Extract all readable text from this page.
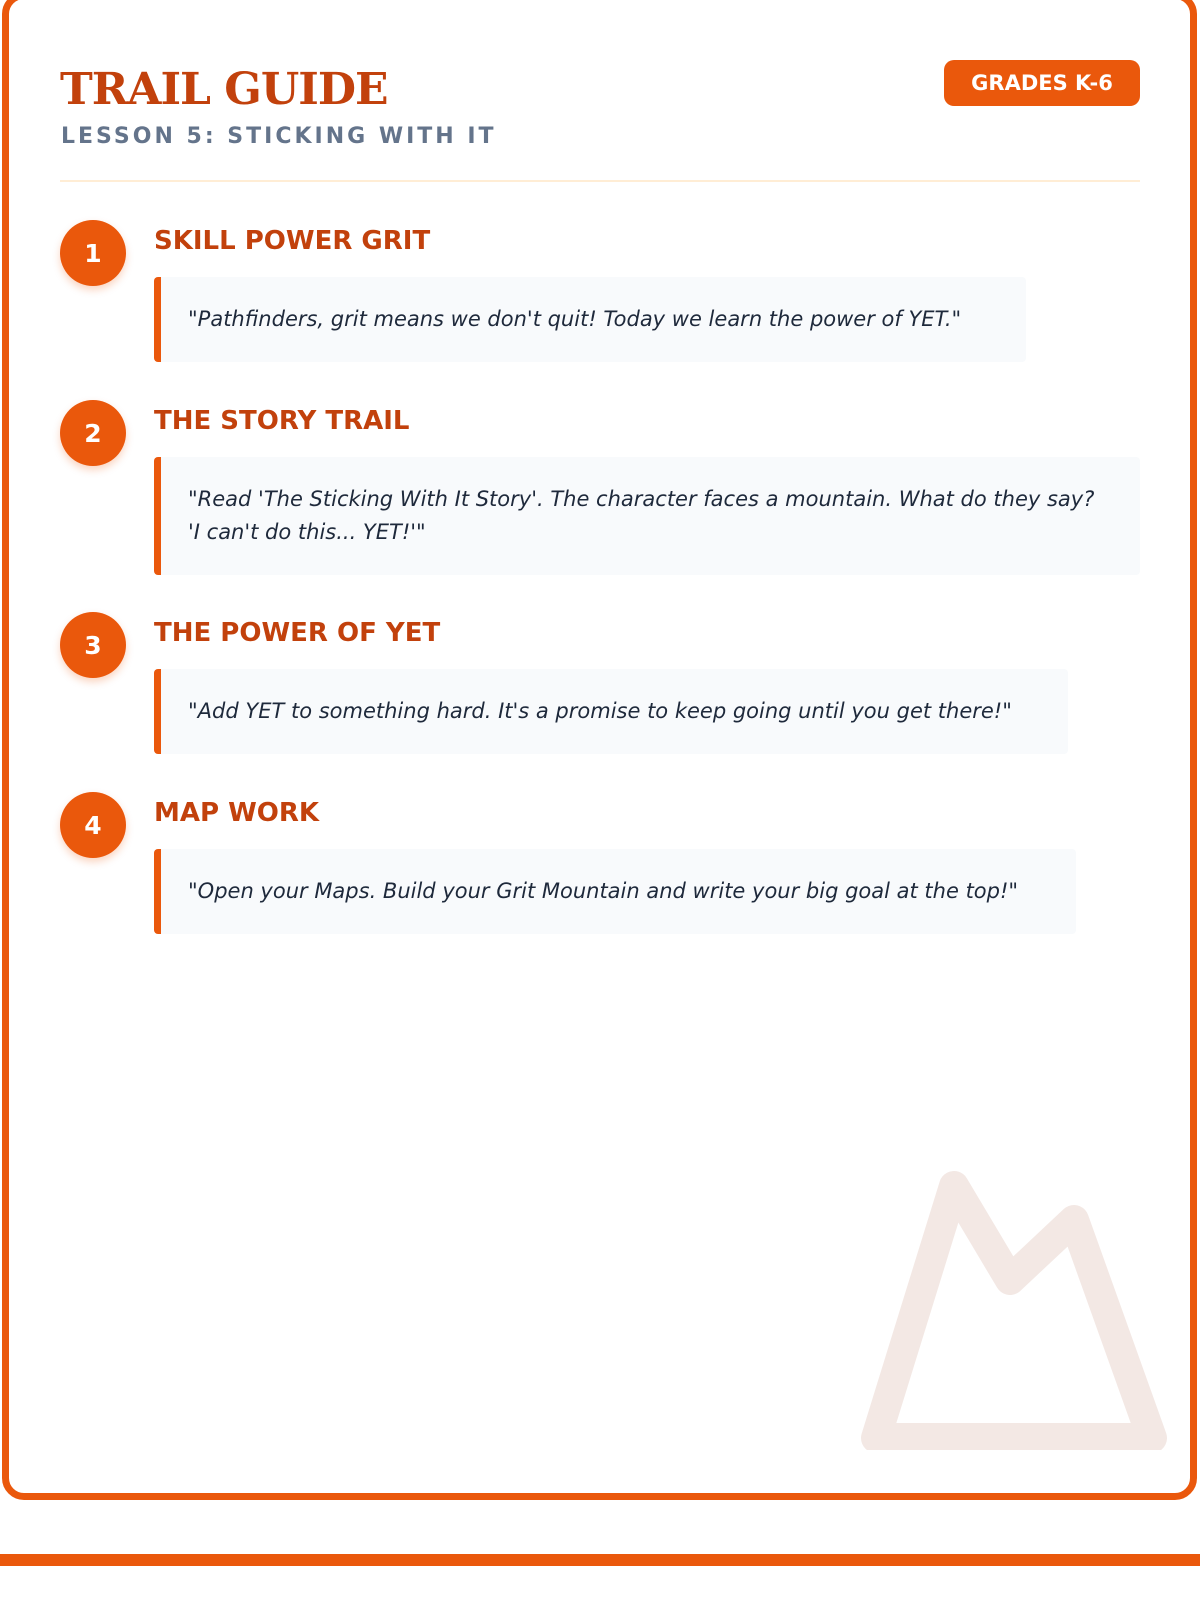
TRAIL GUIDE
LESSON 5: STICKING WITH IT
GRADES K-6
1	SKILL POWER GRIT
"Pathfinders, grit means we don't quit! Today we learn the power of YET."
2	THE STORY TRAIL
"Read 'The Sticking With It Story'. The character faces a mountain. What do they say? 'I can't do this... YET!'"
3	THE POWER OF YET
"Add YET to something hard. It's a promise to keep going until you get there!"
4	MAP WORK
"Open your Maps. Build your Grit Mountain and write your big goal at the top!"
